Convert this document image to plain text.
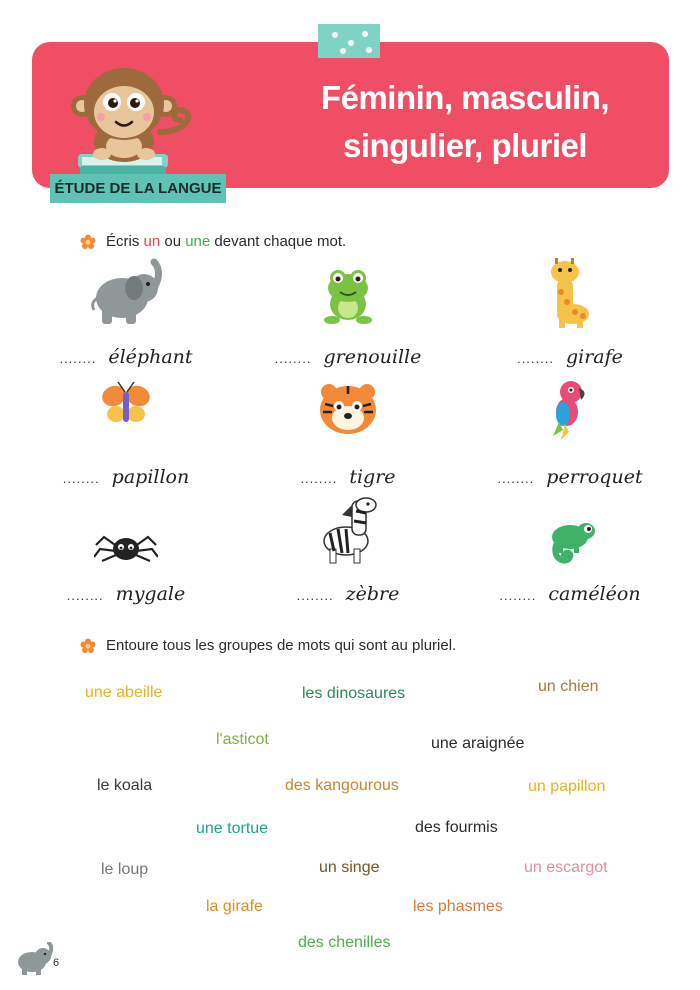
Féminin, masculin,
singulier, pluriel
ÉTUDE DE LA LANGUE
Écris un ou une devant chaque mot.
........ éléphant	........ grenouille	........ girafe
........ papillon	........ tigre	........ perroquet
........ mygale	........ zèbre	........ caméléon
Entoure tous les groupes de mots qui sont au pluriel.
une abeille	les dinosaures	un chien
l'asticot	une araignée
le koala	des kangourous	un papillon
une tortue	des fourmis
le loup	un singe	un escargot
la girafe	les phasmes
des chenilles
6
